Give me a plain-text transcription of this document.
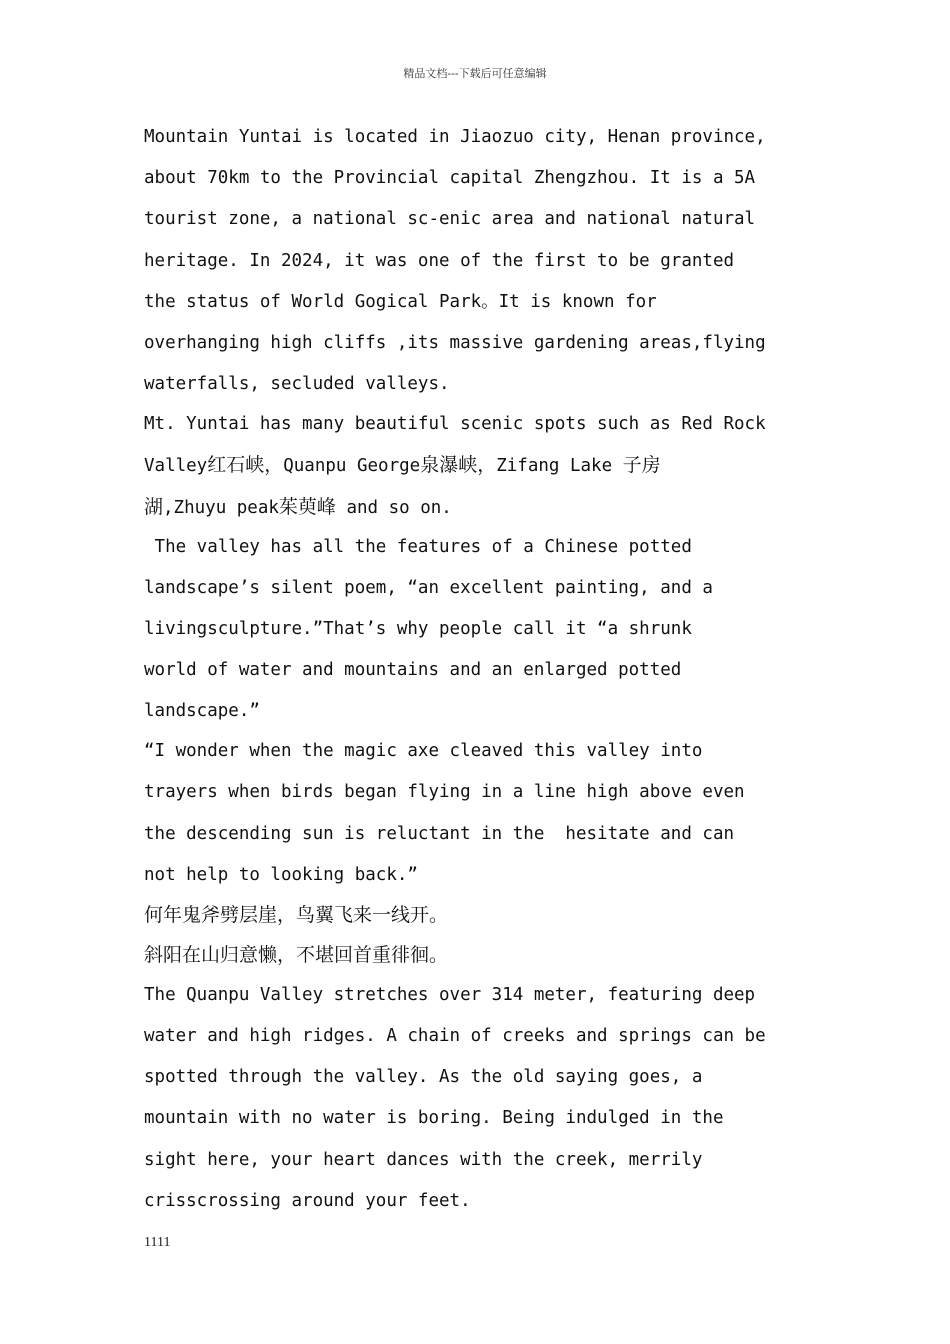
精品文档---下载后可任意编辑
Mountain Yuntai is located in Jiaozuo city, Henan province,
about 70km to the Provincial capital Zhengzhou. It is a 5A
tourist zone, a national sc-enic area and national natural
heritage. In 2024, it was one of the first to be granted
the status of World Gogical Park。It is known for
overhanging high cliffs ,its massive gardening areas,flying
waterfalls, secluded valleys.
Mt. Yuntai has many beautiful scenic spots such as Red Rock
Valley红石峡，Quanpu George泉瀑峡，Zifang Lake 子房
湖,Zhuyu peak茱萸峰 and so on.
The valley has all the features of a Chinese potted
landscape’s silent poem, “an excellent painting, and a
livingsculpture.”That’s why people call it “a shrunk
world of water and mountains and an enlarged potted
landscape.”
“I wonder when the magic axe cleaved this valley into
trayers when birds began flying in a line high above even
the descending sun is reluctant in the  hesitate and can
not help to looking back.”
何年鬼斧劈层崖，鸟翼飞来一线开。
斜阳在山归意懒，不堪回首重徘徊。
The Quanpu Valley stretches over 314 meter, featuring deep
water and high ridges. A chain of creeks and springs can be
spotted through the valley. As the old saying goes, a
mountain with no water is boring. Being indulged in the
sight here, your heart dances with the creek, merrily
crisscrossing around your feet.
1111
